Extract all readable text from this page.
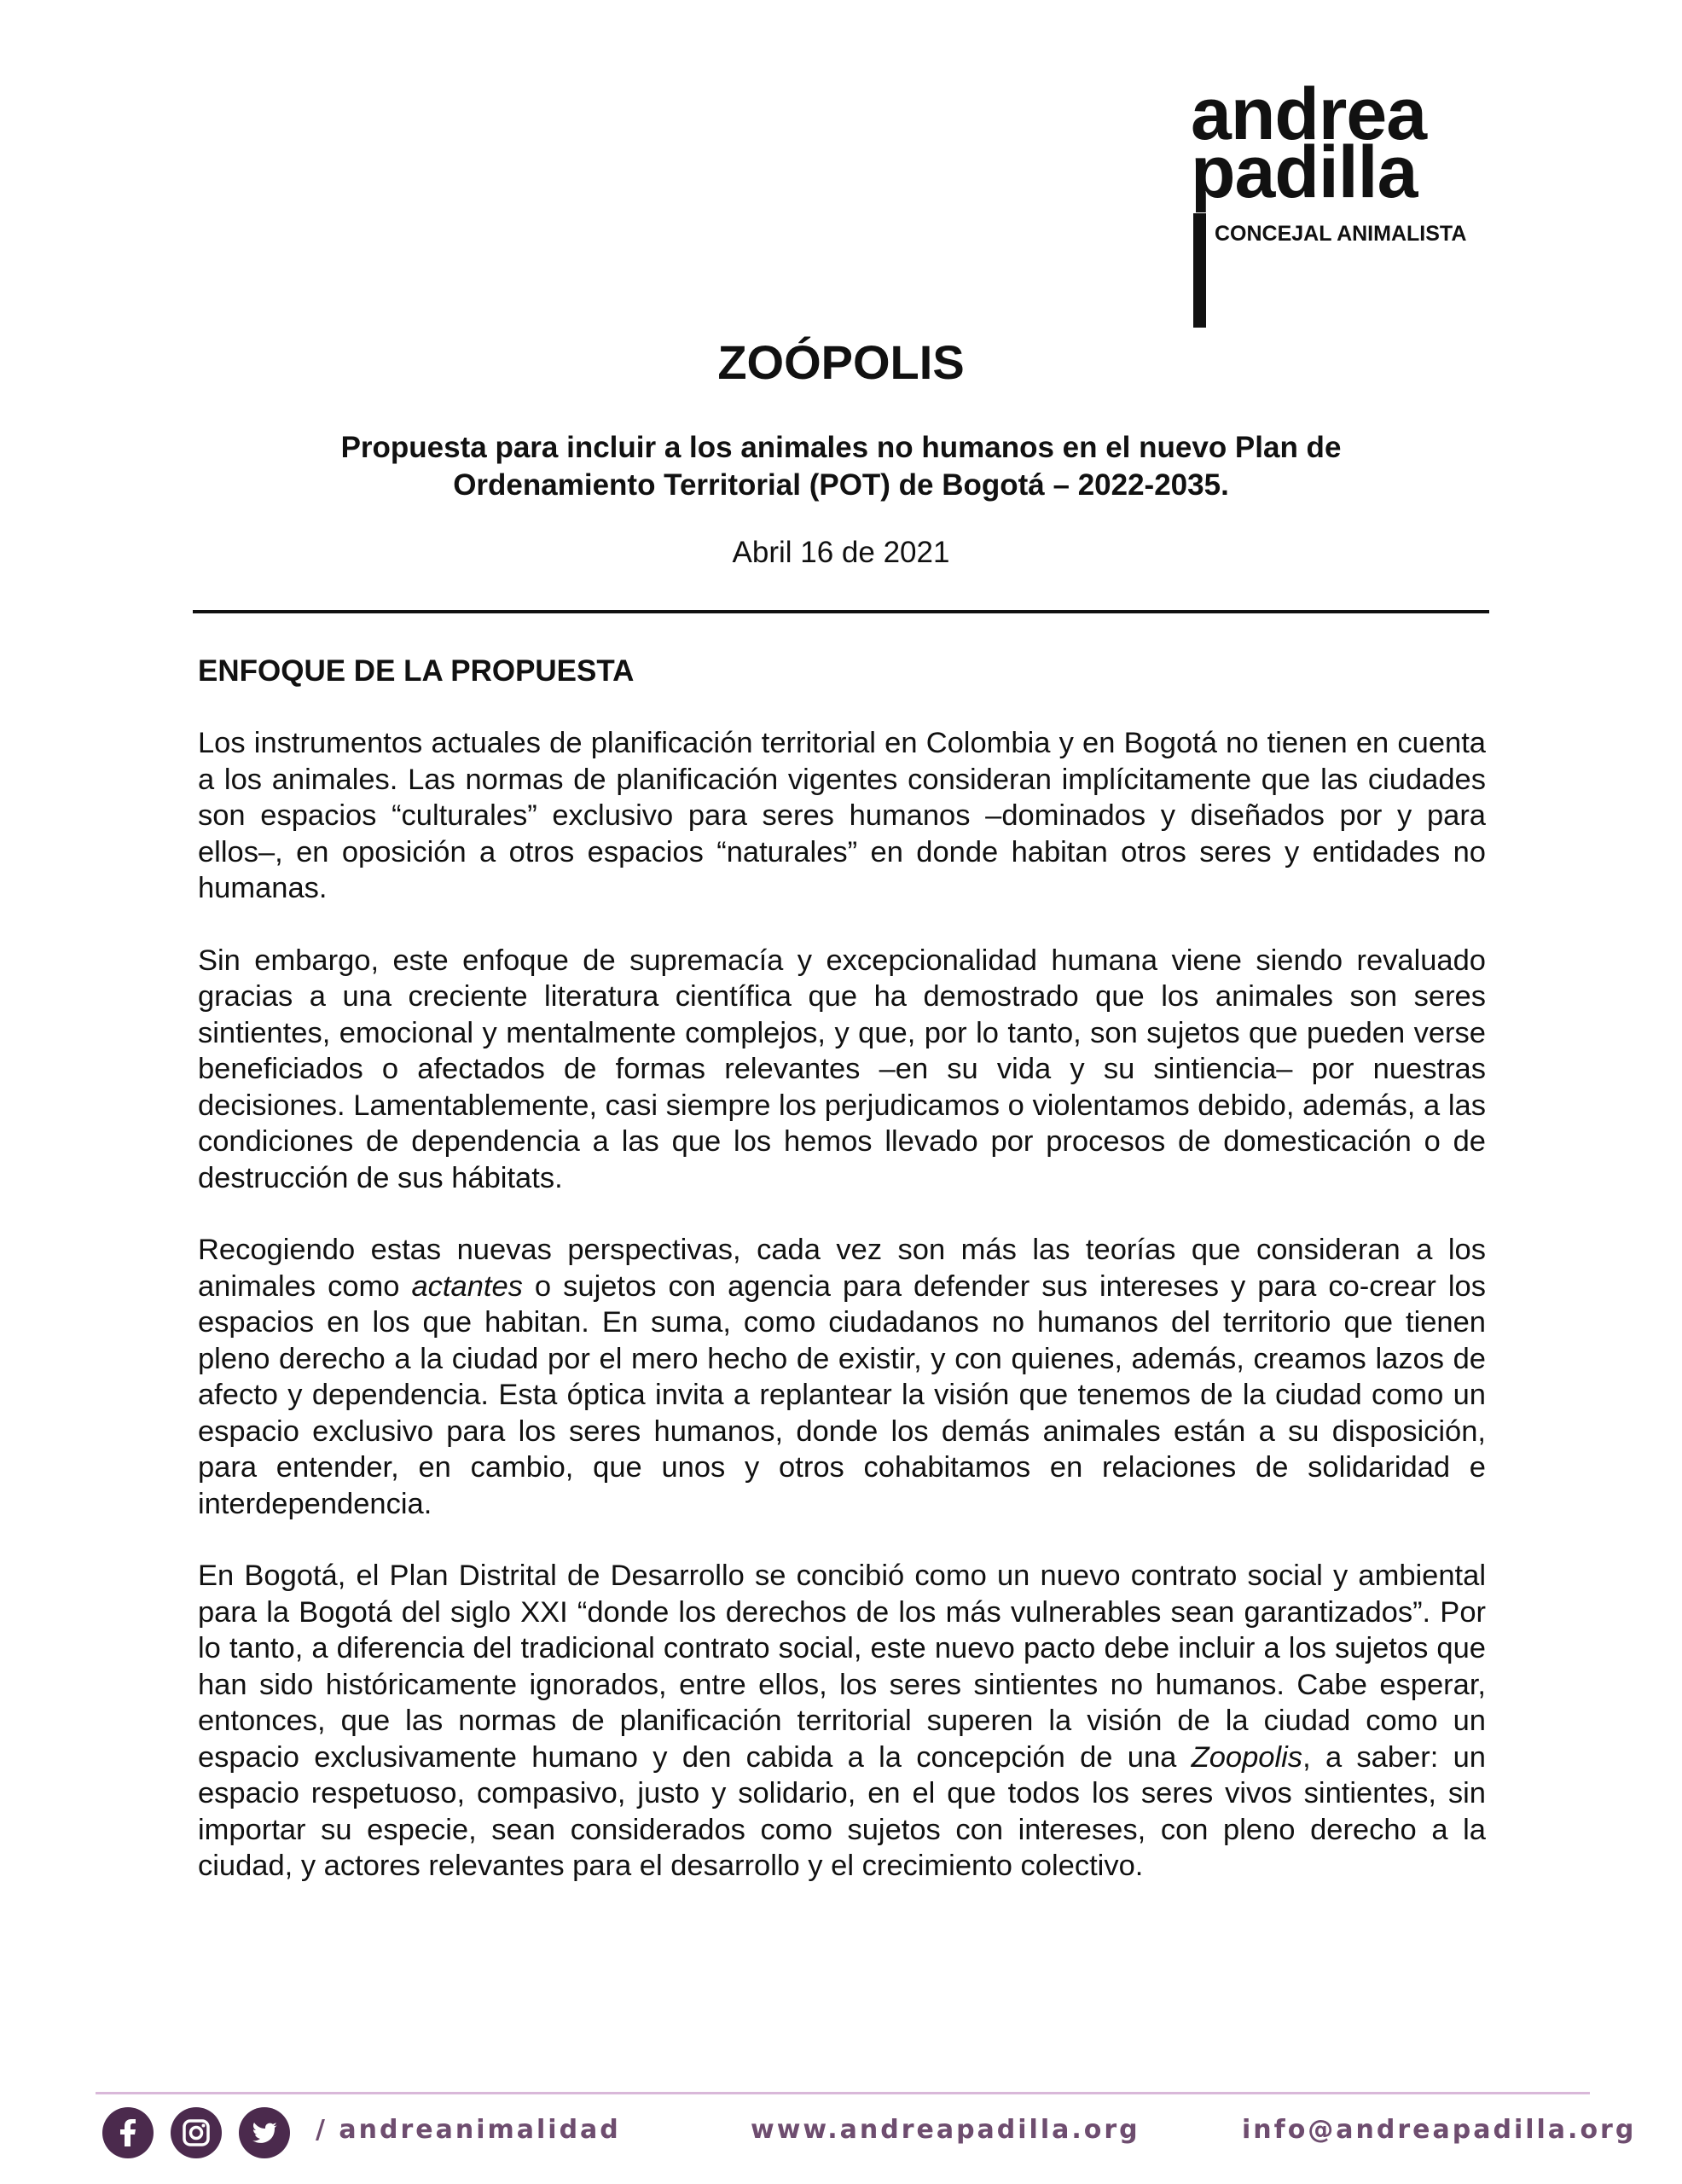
andrea
padilla
CONCEJAL ANIMALISTA
ZOÓPOLIS
Propuesta para incluir a los animales no humanos en el nuevo Plan de
Ordenamiento Territorial (POT) de Bogotá – 2022-2035.
Abril 16 de 2021
ENFOQUE DE LA PROPUESTA

Los instrumentos actuales de planificación territorial en Colombia y en Bogotá no tienen en cuenta a los animales. Las normas de planificación vigentes consideran implícitamente que las ciudades son espacios “culturales” exclusivo para seres humanos –dominados y diseñados por y para ellos–, en oposición a otros espacios “naturales” en donde habitan otros seres y entidades no humanas.

Sin embargo, este enfoque de supremacía y excepcionalidad humana viene siendo revaluado gracias a una creciente literatura científica que ha demostrado que los animales son seres sintientes, emocional y mentalmente complejos, y que, por lo tanto, son sujetos que pueden verse beneficiados o afectados de formas relevantes –en su vida y su sintiencia– por nuestras decisiones. Lamentablemente, casi siempre los perjudicamos o violentamos debido, además, a las condiciones de dependencia a las que los hemos llevado por procesos de domesticación o de destrucción de sus hábitats.

Recogiendo estas nuevas perspectivas, cada vez son más las teorías que consideran a los animales como actantes o sujetos con agencia para defender sus intereses y para co-crear los espacios en los que habitan. En suma, como ciudadanos no humanos del territorio que tienen pleno derecho a la ciudad por el mero hecho de existir, y con quienes, además, creamos lazos de afecto y dependencia. Esta óptica invita a replantear la visión que tenemos de la ciudad como un espacio exclusivo para los seres humanos, donde los demás animales están a su disposición, para entender, en cambio, que unos y otros cohabitamos en relaciones de solidaridad e interdependencia.

En Bogotá, el Plan Distrital de Desarrollo se concibió como un nuevo contrato social y ambiental para la Bogotá del siglo XXI “donde los derechos de los más vulnerables sean garantizados”. Por lo tanto, a diferencia del tradicional contrato social, este nuevo pacto debe incluir a los sujetos que han sido históricamente ignorados, entre ellos, los seres sintientes no humanos. Cabe esperar, entonces, que las normas de planificación territorial superen la visión de la ciudad como un espacio exclusivamente humano y den cabida a la concepción de una Zoopolis, a saber: un espacio respetuoso, compasivo, justo y solidario, en el que todos los seres vivos sintientes, sin importar su especie, sean considerados como sujetos con intereses, con pleno derecho a la ciudad, y actores relevantes para el desarrollo y el crecimiento colectivo.

/ andreanimalidad	www.andreapadilla.org	info@andreapadilla.org
